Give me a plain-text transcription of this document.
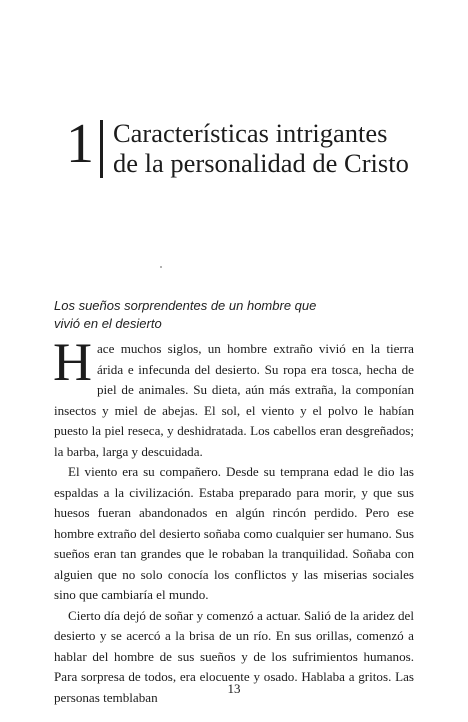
1 Características intrigantes
de la personalidad de Cristo
Los sueños sorprendentes de un hombre que
vivió en el desierto

Hace muchos siglos, un hombre extraño vivió en la tierra árida e infecunda del desierto. Su ropa era tosca, hecha de piel de animales. Su dieta, aún más extraña, la componían insectos y miel de abejas. El sol, el viento y el polvo le habían puesto la piel reseca, y deshidratada. Los cabellos eran desgreñados; la barba, larga y descuidada.

El viento era su compañero. Desde su temprana edad le dio las espaldas a la civilización. Estaba preparado para morir, y que sus huesos fueran abandonados en algún rincón perdido. Pero ese hombre extraño del desierto soñaba como cualquier ser humano. Sus sueños eran tan grandes que le robaban la tranquilidad. Soñaba con alguien que no solo conocía los conflictos y las miserias sociales sino que cambiaría el mundo.

Cierto día dejó de soñar y comenzó a actuar. Salió de la aridez del desierto y se acercó a la brisa de un río. En sus orillas, comenzó a hablar del hombre de sus sueños y de los sufrimientos humanos. Para sorpresa de todos, era elocuente y osado. Hablaba a gritos. Las personas temblaban

13
